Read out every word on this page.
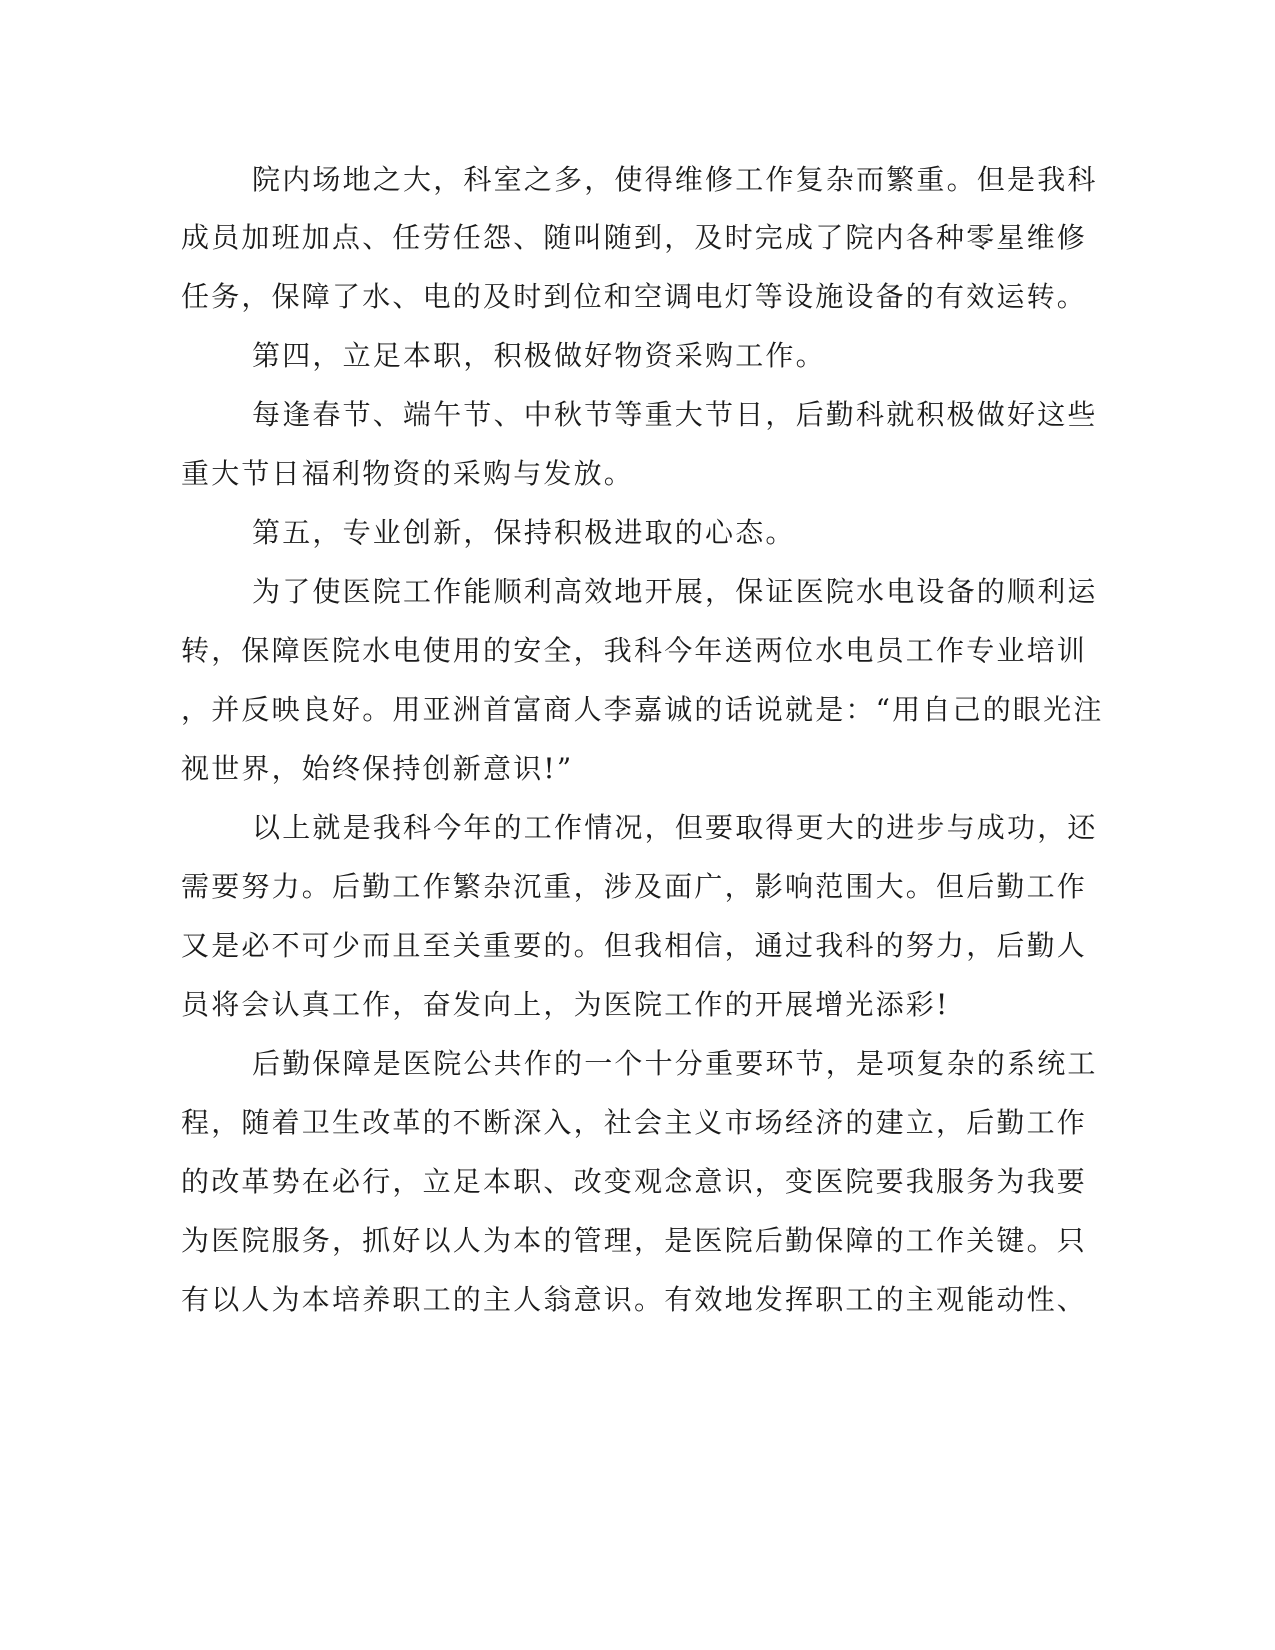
院内场地之大，科室之多，使得维修工作复杂而繁重。但是我科

成员加班加点、任劳任怨、随叫随到，及时完成了院内各种零星维修

任务，保障了水、电的及时到位和空调电灯等设施设备的有效运转。

第四，立足本职，积极做好物资采购工作。

每逢春节、端午节、中秋节等重大节日，后勤科就积极做好这些

重大节日福利物资的采购与发放。

第五，专业创新，保持积极进取的心态。

为了使医院工作能顺利高效地开展，保证医院水电设备的顺利运

转，保障医院水电使用的安全，我科今年送两位水电员工作专业培训

，并反映良好。用亚洲首富商人李嘉诚的话说就是：“用自己的眼光注

视世界，始终保持创新意识!”

以上就是我科今年的工作情况，但要取得更大的进步与成功，还

需要努力。后勤工作繁杂沉重，涉及面广，影响范围大。但后勤工作

又是必不可少而且至关重要的。但我相信，通过我科的努力，后勤人

员将会认真工作，奋发向上，为医院工作的开展增光添彩!

后勤保障是医院公共作的一个十分重要环节，是项复杂的系统工

程，随着卫生改革的不断深入，社会主义市场经济的建立，后勤工作

的改革势在必行，立足本职、改变观念意识，变医院要我服务为我要

为医院服务，抓好以人为本的管理，是医院后勤保障的工作关键。只

有以人为本培养职工的主人翁意识。有效地发挥职工的主观能动性、
